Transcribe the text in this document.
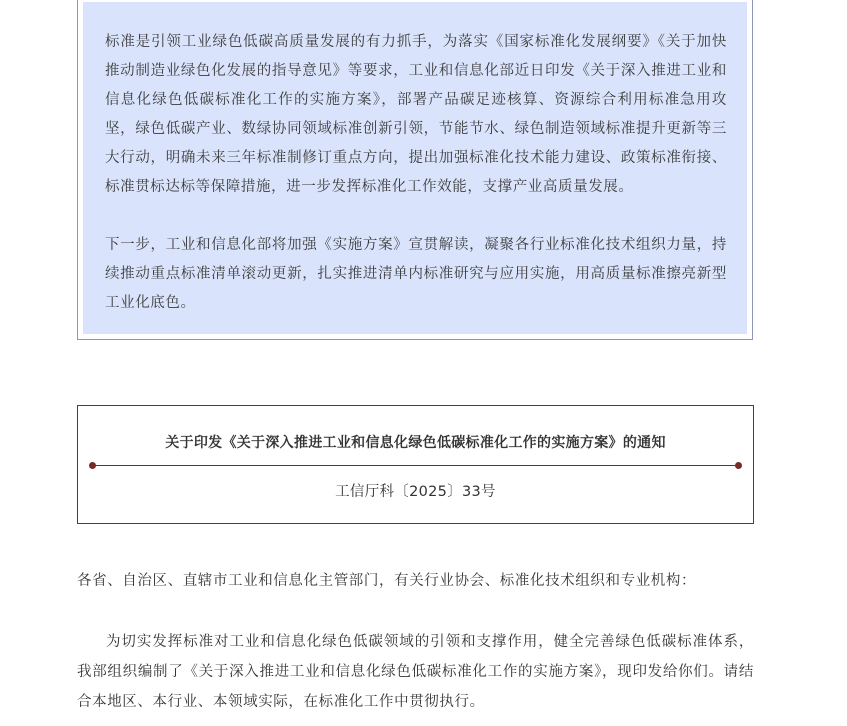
标准是引领工业绿色低碳高质量发展的有力抓手，为落实《国家标准化发展纲要》《关于加快推动制造业绿色化发展的指导意见》等要求，工业和信息化部近日印发《关于深入推进工业和信息化绿色低碳标准化工作的实施方案》，部署产品碳足迹核算、资源综合利用标准急用攻坚，绿色低碳产业、数绿协同领域标准创新引领，节能节水、绿色制造领域标准提升更新等三大行动，明确未来三年标准制修订重点方向，提出加强标准化技术能力建设、政策标准衔接、标准贯标达标等保障措施，进一步发挥标准化工作效能，支撑产业高质量发展。

下一步，工业和信息化部将加强《实施方案》宣贯解读，凝聚各行业标准化技术组织力量，持续推动重点标准清单滚动更新，扎实推进清单内标准研究与应用实施，用高质量标准擦亮新型工业化底色。

关于印发《关于深入推进工业和信息化绿色低碳标准化工作的实施方案》的通知
工信厅科〔2025〕33号

各省、自治区、直辖市工业和信息化主管部门，有关行业协会、标准化技术组织和专业机构：

为切实发挥标准对工业和信息化绿色低碳领域的引领和支撑作用，健全完善绿色低碳标准体系，我部组织编制了《关于深入推进工业和信息化绿色低碳标准化工作的实施方案》，现印发给你们。请结合本地区、本行业、本领域实际，在标准化工作中贯彻执行。
